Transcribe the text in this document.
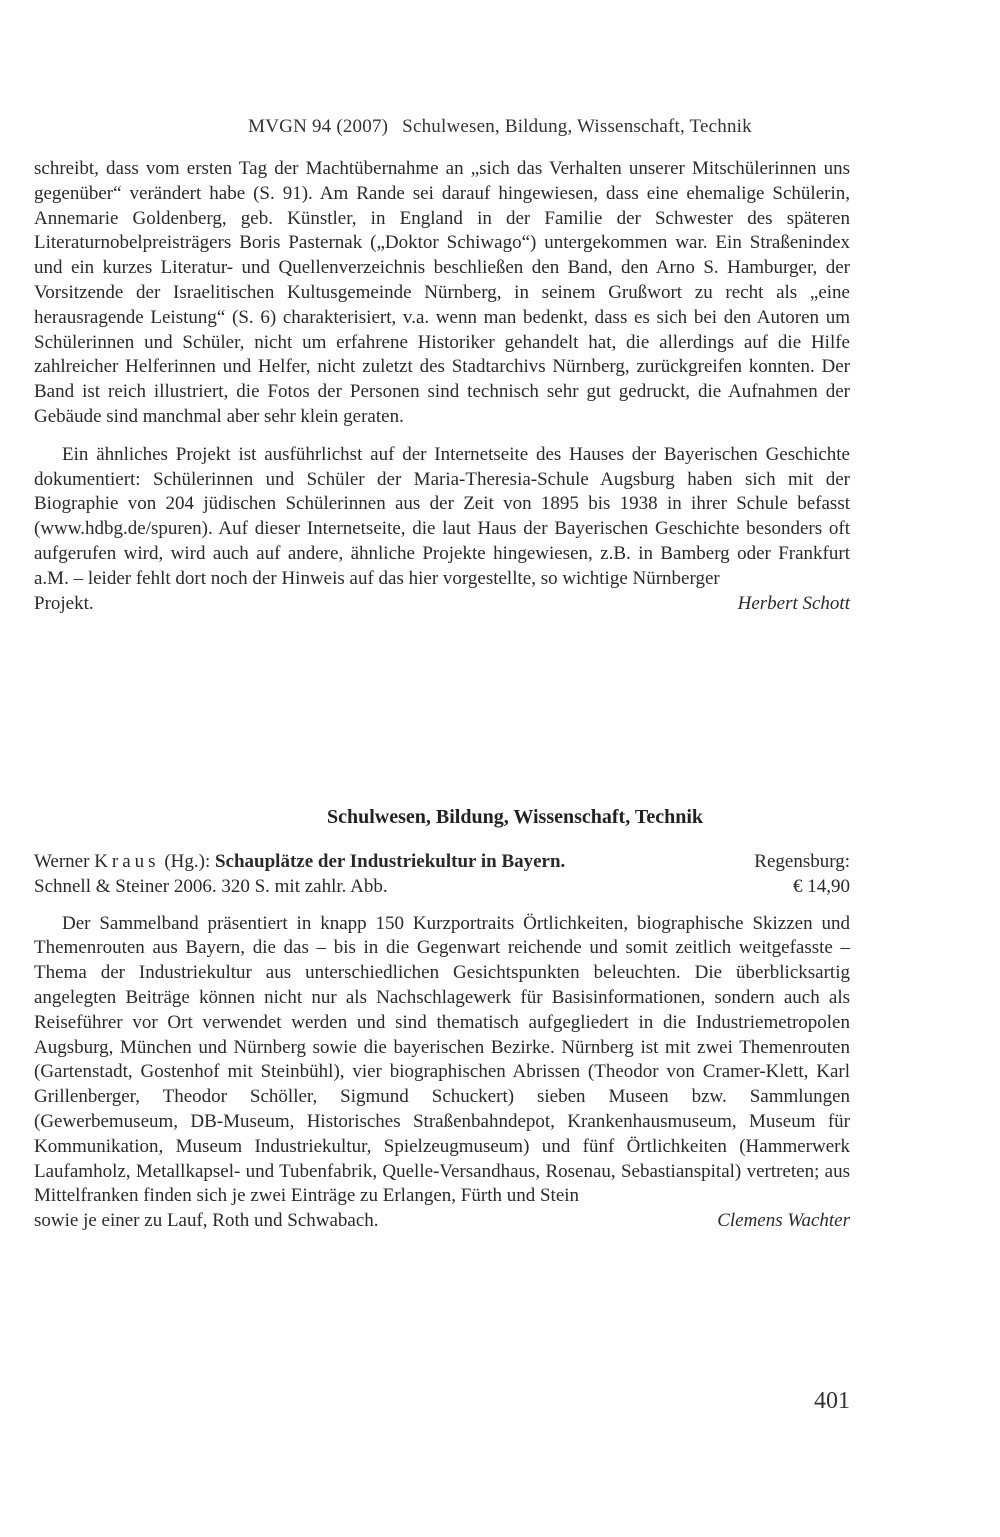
MVGN 94 (2007) Schulwesen, Bildung, Wissenschaft, Technik

schreibt, dass vom ersten Tag der Machtübernahme an „sich das Verhalten unserer Mitschülerinnen uns gegenüber“ verändert habe (S. 91). Am Rande sei darauf hingewiesen, dass eine ehemalige Schülerin, Annemarie Goldenberg, geb. Künstler, in England in der Familie der Schwester des späteren Literaturnobelpreisträgers Boris Pasternak („Doktor Schiwago“) untergekommen war. Ein Straßenindex und ein kurzes Literatur- und Quellenverzeichnis beschließen den Band, den Arno S. Hamburger, der Vorsitzende der Israelitischen Kultusgemeinde Nürnberg, in seinem Grußwort zu recht als „eine herausragende Leistung“ (S. 6) charakterisiert, v.a. wenn man bedenkt, dass es sich bei den Autoren um Schülerinnen und Schüler, nicht um erfahrene Historiker gehandelt hat, die allerdings auf die Hilfe zahlreicher Helferinnen und Helfer, nicht zuletzt des Stadtarchivs Nürnberg, zurückgreifen konnten. Der Band ist reich illustriert, die Fotos der Personen sind technisch sehr gut gedruckt, die Aufnahmen der Gebäude sind manchmal aber sehr klein geraten.

Ein ähnliches Projekt ist ausführlichst auf der Internetseite des Hauses der Bayerischen Geschichte dokumentiert: Schülerinnen und Schüler der Maria-Theresia-Schule Augsburg haben sich mit der Biographie von 204 jüdischen Schülerinnen aus der Zeit von 1895 bis 1938 in ihrer Schule befasst (www.hdbg.de/spuren). Auf dieser Internetseite, die laut Haus der Bayerischen Geschichte besonders oft aufgerufen wird, wird auch auf andere, ähnliche Projekte hingewiesen, z.B. in Bamberg oder Frankfurt a.M. – leider fehlt dort noch der Hinweis auf das hier vorgestellte, so wichtige Nürnberger

Projekt.	Herbert Schott
Schulwesen, Bildung, Wissenschaft, Technik
Werner Kraus (Hg.): Schauplätze der Industriekultur in Bayern.	Regensburg:
Schnell & Steiner 2006. 320 S. mit zahlr. Abb.	€ 14,90

Der Sammelband präsentiert in knapp 150 Kurzportraits Örtlichkeiten, biographische Skizzen und Themenrouten aus Bayern, die das – bis in die Gegenwart reichende und somit zeitlich weitgefasste – Thema der Industriekultur aus unterschiedlichen Gesichtspunkten beleuchten. Die überblicksartig angelegten Beiträge können nicht nur als Nachschlagewerk für Basisinformationen, sondern auch als Reiseführer vor Ort verwendet werden und sind thematisch aufgegliedert in die Industriemetropolen Augsburg, München und Nürnberg sowie die bayerischen Bezirke. Nürnberg ist mit zwei Themenrouten (Gartenstadt, Gostenhof mit Steinbühl), vier biographischen Abrissen (Theodor von Cramer-Klett, Karl Grillenberger, Theodor Schöller, Sigmund Schuckert) sieben Museen bzw. Sammlungen (Gewerbemuseum, DB-Museum, Historisches Straßenbahndepot, Krankenhausmuseum, Museum für Kommunikation, Museum Industriekultur, Spielzeugmuseum) und fünf Örtlichkeiten (Hammerwerk Laufamholz, Metallkapsel- und Tubenfabrik, Quelle-Versandhaus, Rosenau, Sebastianspital) vertreten; aus Mittelfranken finden sich je zwei Einträge zu Erlangen, Fürth und Stein

sowie je einer zu Lauf, Roth und Schwabach.	Clemens Wachter
401
